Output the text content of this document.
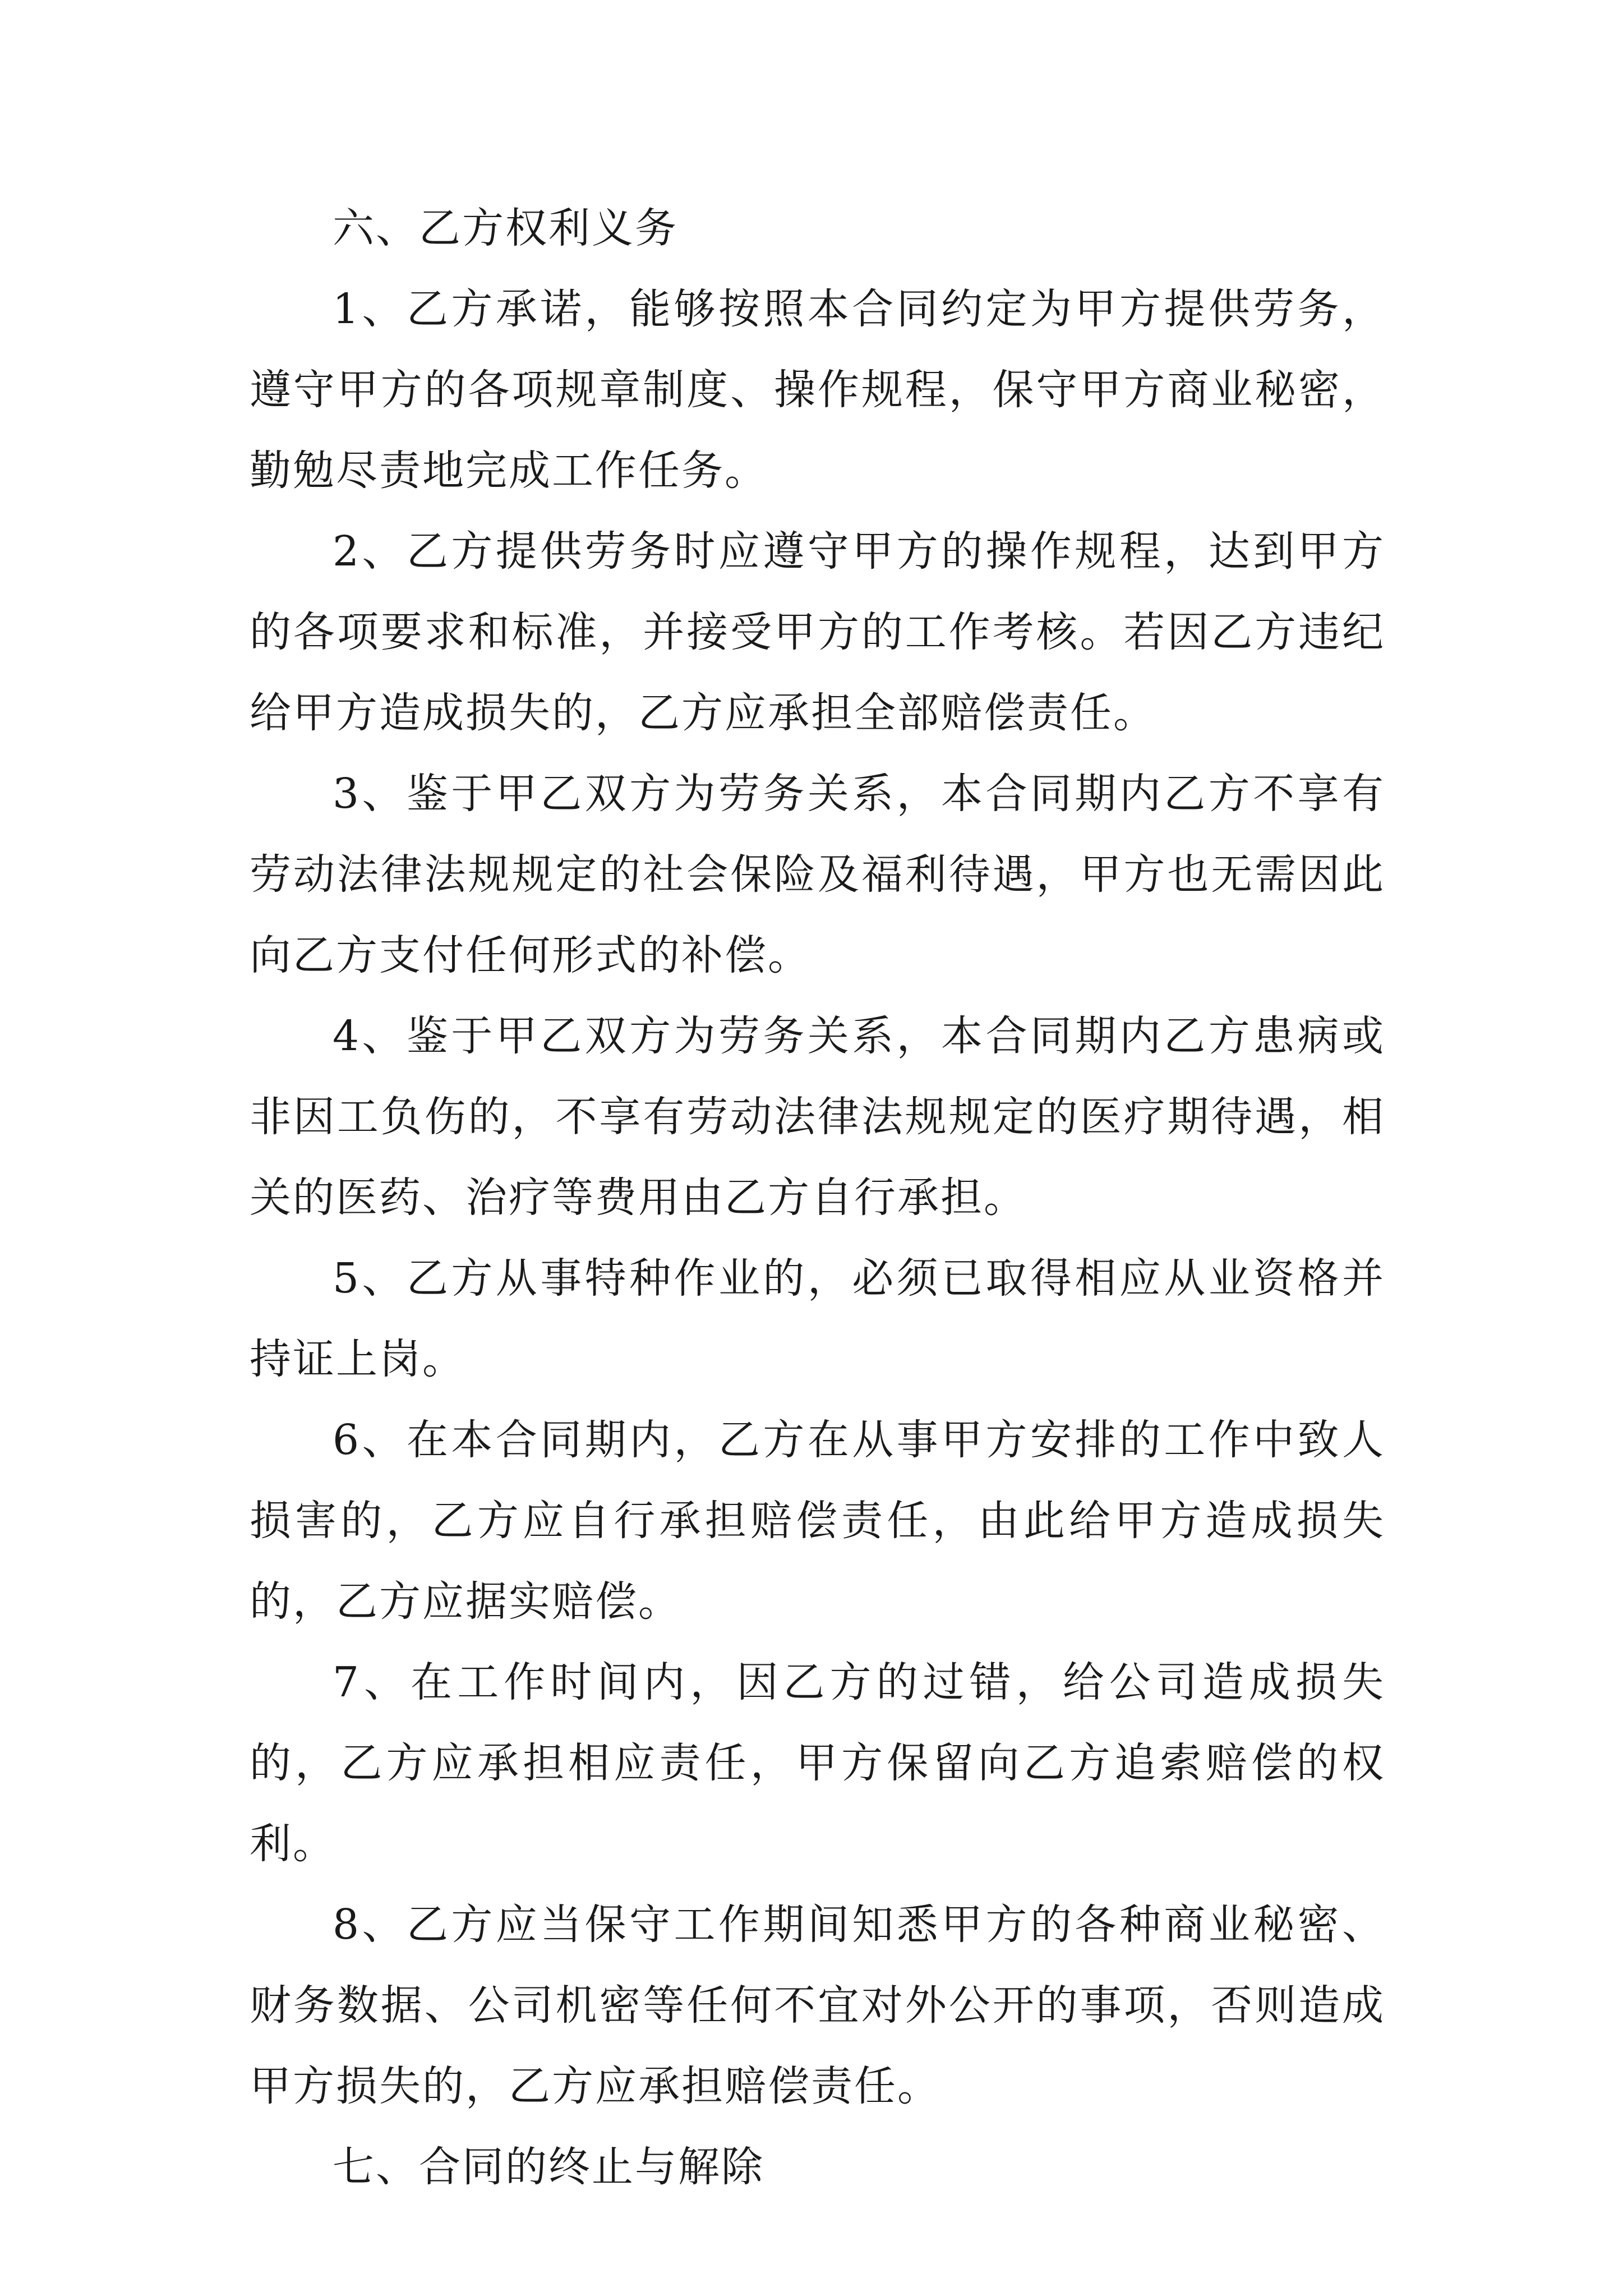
六、乙方权利义务

1、乙方承诺，能够按照本合同约定为甲方提供劳务，遵守甲方的各项规章制度、操作规程，保守甲方商业秘密，勤勉尽责地完成工作任务。

2、乙方提供劳务时应遵守甲方的操作规程，达到甲方的各项要求和标准，并接受甲方的工作考核。若因乙方违纪给甲方造成损失的，乙方应承担全部赔偿责任。

3、鉴于甲乙双方为劳务关系，本合同期内乙方不享有劳动法律法规规定的社会保险及福利待遇，甲方也无需因此向乙方支付任何形式的补偿。

4、鉴于甲乙双方为劳务关系，本合同期内乙方患病或非因工负伤的，不享有劳动法律法规规定的医疗期待遇，相关的医药、治疗等费用由乙方自行承担。

5、乙方从事特种作业的，必须已取得相应从业资格并持证上岗。

6、在本合同期内，乙方在从事甲方安排的工作中致人损害的，乙方应自行承担赔偿责任，由此给甲方造成损失的，乙方应据实赔偿。

7、在工作时间内，因乙方的过错，给公司造成损失的，乙方应承担相应责任，甲方保留向乙方追索赔偿的权利。

8、乙方应当保守工作期间知悉甲方的各种商业秘密、财务数据、公司机密等任何不宜对外公开的事项，否则造成甲方损失的，乙方应承担赔偿责任。

七、合同的终止与解除
